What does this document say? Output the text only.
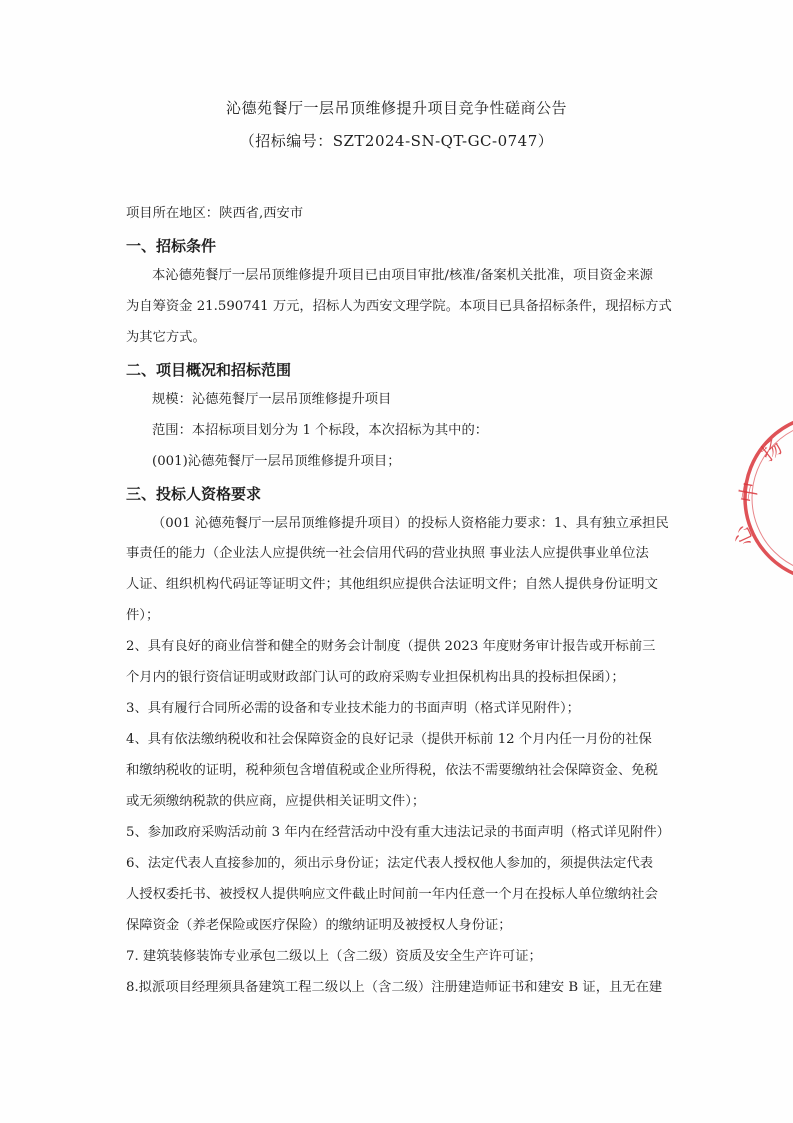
沁德苑餐厅一层吊顶维修提升项目竞争性磋商公告
（招标编号：SZT2024-SN-QT-GC-0747）
项目所在地区：陕西省,西安市
一、招标条件
本沁德苑餐厅一层吊顶维修提升项目已由项目审批/核准/备案机关批准，项目资金来源
为自筹资金 21.590741 万元，招标人为西安文理学院。本项目已具备招标条件，现招标方式
为其它方式。
二、项目概况和招标范围
规模：沁德苑餐厅一层吊顶维修提升项目
范围：本招标项目划分为 1 个标段，本次招标为其中的：
(001)沁德苑餐厅一层吊顶维修提升项目；
三、投标人资格要求
（001 沁德苑餐厅一层吊顶维修提升项目）的投标人资格能力要求：1、具有独立承担民
事责任的能力（企业法人应提供统一社会信用代码的营业执照 事业法人应提供事业单位法
人证、组织机构代码证等证明文件；其他组织应提供合法证明文件；自然人提供身份证明文
件）；
2、具有良好的商业信誉和健全的财务会计制度（提供 2023 年度财务审计报告或开标前三
个月内的银行资信证明或财政部门认可的政府采购专业担保机构出具的投标担保函）；
3、具有履行合同所必需的设备和专业技术能力的书面声明（格式详见附件）；
4、具有依法缴纳税收和社会保障资金的良好记录（提供开标前 12 个月内任一月份的社保
和缴纳税收的证明，税种须包含增值税或企业所得税，依法不需要缴纳社会保障资金、免税
或无须缴纳税款的供应商，应提供相关证明文件）；
5、参加政府采购活动前 3 年内在经营活动中没有重大违法记录的书面声明（格式详见附件）
6、法定代表人直接参加的，须出示身份证；法定代表人授权他人参加的，须提供法定代表
人授权委托书、被授权人提供响应文件截止时间前一年内任意一个月在投标人单位缴纳社会
保障资金（养老保险或医疗保险）的缴纳证明及被授权人身份证；
7. 建筑装修装饰专业承包二级以上（含二级）资质及安全生产许可证；
8.拟派项目经理须具备建筑工程二级以上（含二级）注册建造师证书和建安 B 证，且无在建
扬
中
心
